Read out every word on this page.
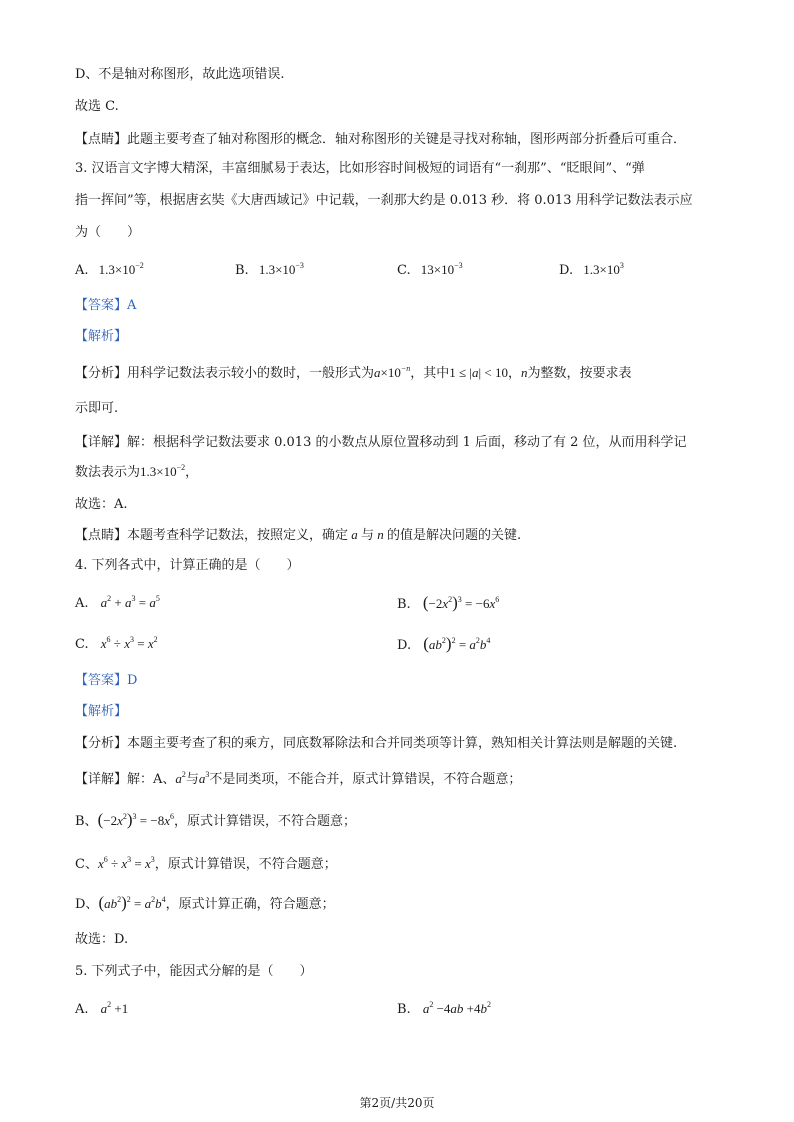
D、不是轴对称图形，故此选项错误.
故选 C.
【点睛】此题主要考查了轴对称图形的概念．轴对称图形的关键是寻找对称轴，图形两部分折叠后可重合．
3. 汉语言文字博大精深，丰富细腻易于表达，比如形容时间极短的词语有“一刹那”、“眨眼间”、“弹
指一挥间”等，根据唐玄奘《大唐西域记》中记载，一刹那大约是 0.013 秒．将 0.013 用科学记数法表示应
为（　　）
A. $1.3\times 10^{-2}$	B. $1.3\times 10^{-3}$	C. $13\times 10^{-3}$	D. $1.3\times 10^3$
【答案】A
【解析】
【分析】用科学记数法表示较小的数时，一般形式为$a\times 10^{-n}$，其中1 ≤ |a| < 10，n为整数，按要求表
示即可.
【详解】解：根据科学记数法要求 0.013 的小数点从原位置移动到 1 后面，移动了有 2 位，从而用科学记
数法表示为$1.3\times 10^{-2}$，
故选：A.
【点睛】本题考查科学记数法，按照定义，确定 a 与 n 的值是解决问题的关键.
4. 下列各式中，计算正确的是（　　）
A. $a^2 + a^3 = a^5$	B. $(-2x^2)^3 = -6x^6$
C. $x^6 \div x^3 = x^2$	D. $(ab^2)^2 = a^2b^4$
【答案】D
【解析】
【分析】本题主要考查了积的乘方，同底数幂除法和合并同类项等计算，熟知相关计算法则是解题的关键.
【详解】解：A、$a^2$与$a^3$不是同类项，不能合并，原式计算错误，不符合题意；
B、$(-2x^2)^3 = -8x^6$，原式计算错误，不符合题意；
C、$x^6 \div x^3 = x^3$，原式计算错误，不符合题意；
D、$(ab^2)^2 = a^2b^4$，原式计算正确，符合题意；
故选：D.
5. 下列式子中，能因式分解的是（　　）
A. $a^2 +1$	B. $a^2 -4ab +4b^2$
第2页/共20页
